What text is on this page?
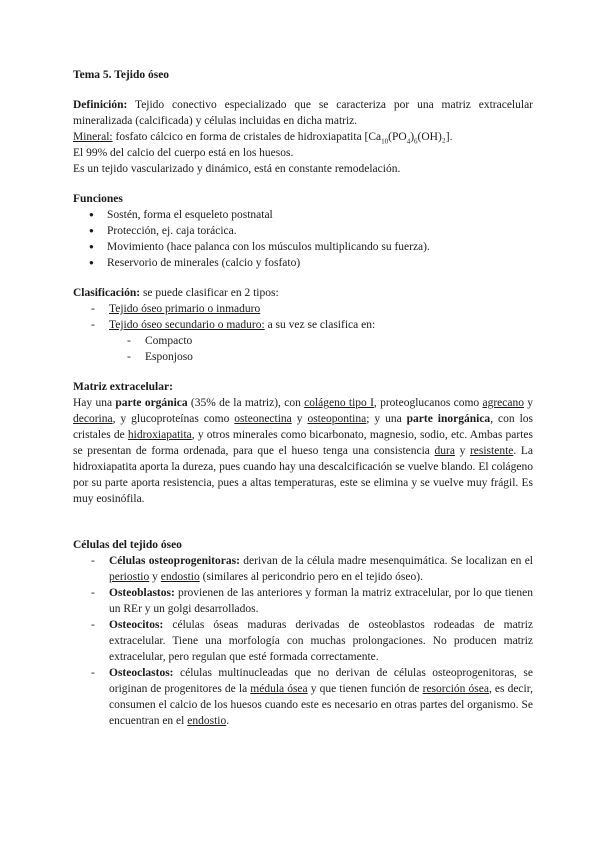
Tema 5. Tejido óseo

Definición: Tejido conectivo especializado que se caracteriza por una matriz extracelular mineralizada (calcificada) y células incluidas en dicha matriz.

Mineral: fosfato cálcico en forma de cristales de hidroxiapatita $[Ca_{10}(PO_4)_6(OH)_2]$.

El 99% del calcio del cuerpo está en los huesos.

Es un tejido vascularizado y dinámico, está en constante remodelación.

Funciones

● Sostén, forma el esqueleto postnatal
● Protección, ej. caja torácica.
● Movimiento (hace palanca con los músculos multiplicando su fuerza).
● Reservorio de minerales (calcio y fosfato)

Clasificación: se puede clasificar en 2 tipos:

- Tejido óseo primario o inmaduro
- Tejido óseo secundario o maduro: a su vez se clasifica en:
- Compacto
- Esponjoso

Matriz extracelular:

Hay una parte orgánica (35% de la matriz), con colágeno tipo I, proteoglucanos como agrecano y decorina, y glucoproteínas como osteonectina y osteopontina; y una parte inorgánica, con los cristales de hidroxiapatita, y otros minerales como bicarbonato, magnesio, sodio, etc. Ambas partes se presentan de forma ordenada, para que el hueso tenga una consistencia dura y resistente. La hidroxiapatita aporta la dureza, pues cuando hay una descalcificación se vuelve blando. El colágeno por su parte aporta resistencia, pues a altas temperaturas, este se elimina y se vuelve muy frágil. Es muy eosinófila.

Células del tejido óseo

- Células osteoprogenitoras: derivan de la célula madre mesenquimática. Se localizan en el periostio y endostio (similares al pericondrio pero en el tejido óseo).
- Osteoblastos: provienen de las anteriores y forman la matriz extracelular, por lo que tienen un REr y un golgi desarrollados.
- Osteocitos: células óseas maduras derivadas de osteoblastos rodeadas de matriz extracelular. Tiene una morfología con muchas prolongaciones. No producen matriz extracelular, pero regulan que esté formada correctamente.
- Osteoclastos: células multinucleadas que no derivan de células osteoprogenitoras, se originan de progenitores de la médula ósea y que tienen función de resorción ósea, es decir, consumen el calcio de los huesos cuando este es necesario en otras partes del organismo. Se encuentran en el endostio.
